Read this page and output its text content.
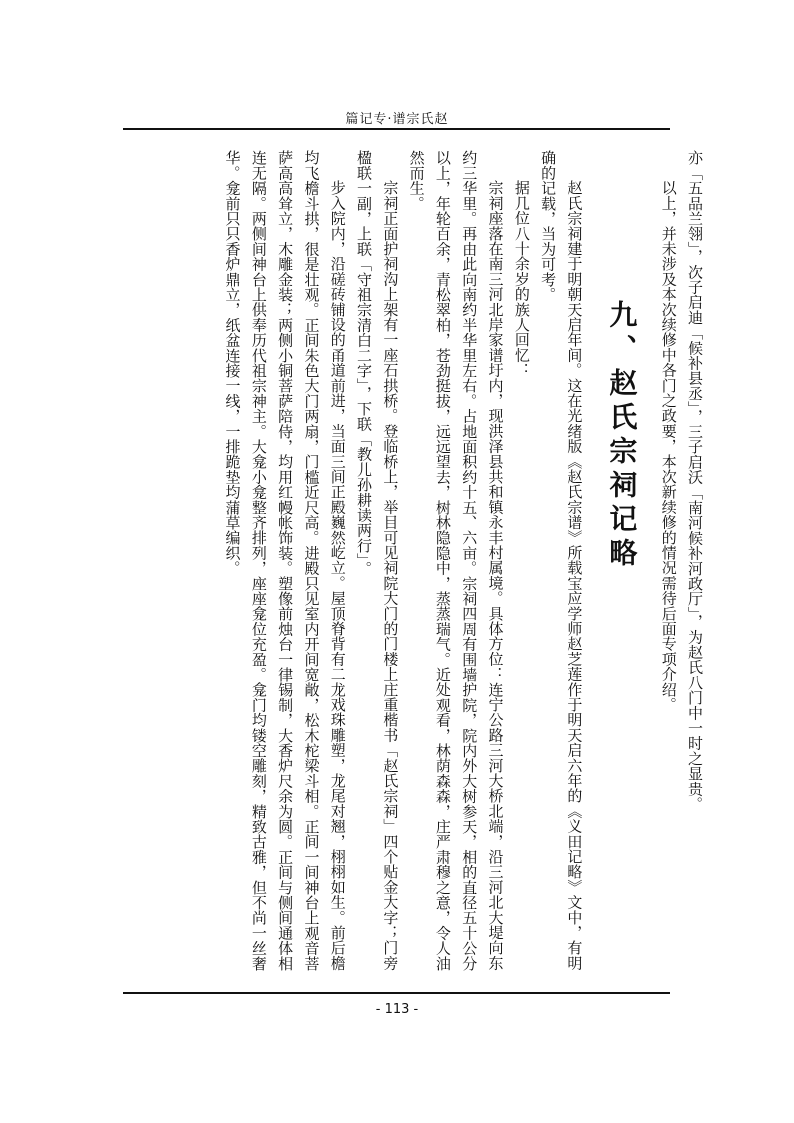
篇记专·谱宗氏赵

亦「五品兰翎」，次子启迪「候补县丞」，三子启沃「南河候补河政厅」，为赵氏八门中一时之显贵。

以上，并未涉及本次续修中各门之政要，本次新续修的情况需待后面专项介绍。

九、赵氏宗祠记略

赵氏宗祠建于明朝天启年间。这在光绪版《赵氏宗谱》所载宝应学师赵芝莲作于明天启六年的《义田记略》文中，有明确的记载，当为可考。

据几位八十余岁的族人回忆：

宗祠座落在南三河北岸家谱圩内，现洪泽县共和镇永丰村属境。具体方位：连宁公路三河大桥北端，沿三河北大堤向东约三华里。再由此向南约半华里左右。占地面积约十五、六亩。宗祠四周有围墙护院，院内外大树参天，相的直径五十公分以上，年轮百余，青松翠柏，苍劲挺拔，远远望去，树林隐隐中，蒸蒸瑞气。近处观看，林荫森森，庄严肃穆之意，令人油然而生。

宗祠正面护祠沟上架有一座石拱桥。登临桥上，举目可见祠院大门的门楼上庄重楷书「赵氏宗祠」四个贴金大字；门旁楹联一副，上联「守祖宗清白二字」，下联「教儿孙耕读两行」。

步入院内，沿磋砖铺设的甬道前进，当面三间正殿巍然屹立。屋顶脊背有二龙戏珠雕塑，龙尾对翘，栩栩如生。前后檐均飞檐斗拱，很是壮观。正间朱色大门两扇，门槛近尺高。进殿只见室内开间宽敞，松木柁梁斗相。正间一间神台上观音菩萨高高耸立，木雕金装；两侧小铜菩萨陪侍，均用红幔帐饰装。塑像前烛台一律锡制，大香炉尺余为圆。正间与侧间通体相连无隔。两侧间神台上供奉历代祖宗神主。大龛小龛整齐排列，座座龛位充盈。龛门均镂空雕刻，精致古雅，但不尚一丝奢华。龛前只只香炉鼎立，纸盆连接一线，一排跪垫均蒲草编织。

- 113 -
